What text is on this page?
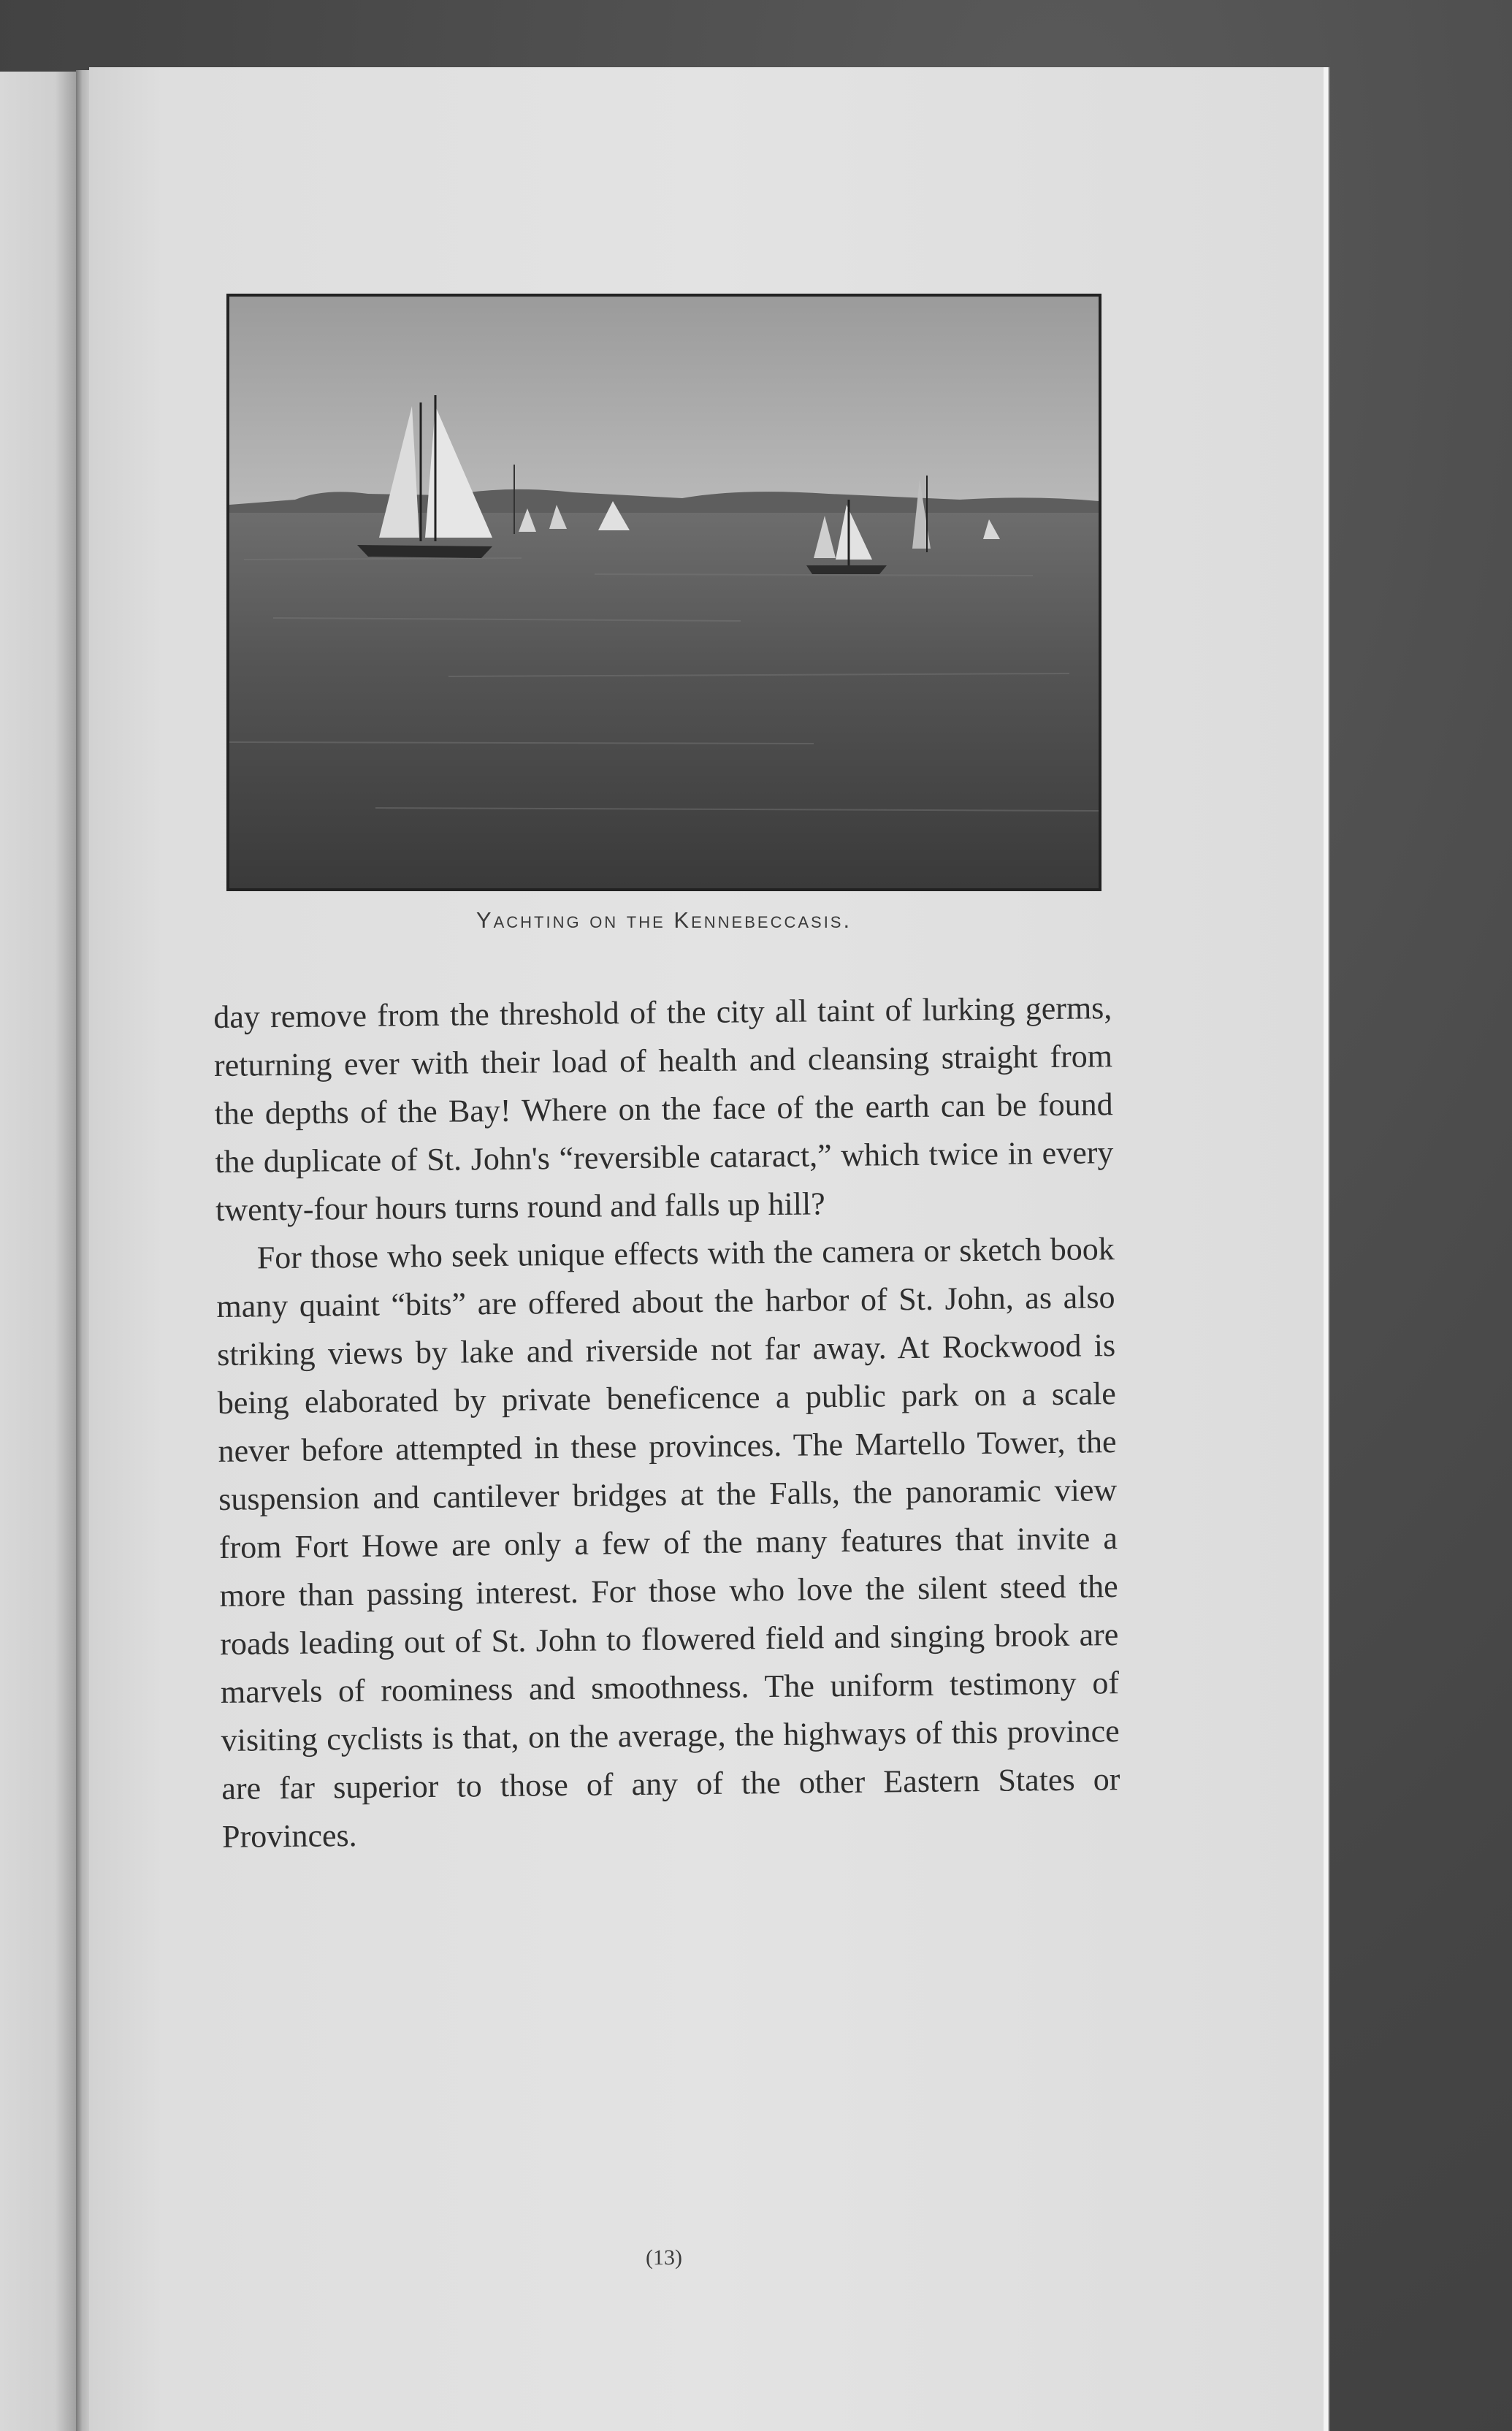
Yachting on the Kennebeccasis.

day remove from the threshold of the city all taint of lurking germs, returning ever with their load of health and cleansing straight from the depths of the Bay! Where on the face of the earth can be found the duplicate of St. John's “reversible cataract,” which twice in every twenty-four hours turns round and falls up hill?

For those who seek unique effects with the camera or sketch book many quaint “bits” are offered about the harbor of St. John, as also striking views by lake and riverside not far away. At Rockwood is being elaborated by private beneficence a public park on a scale never before attempted in these provinces. The Martello Tower, the suspension and cantilever bridges at the Falls, the panoramic view from Fort Howe are only a few of the many features that invite a more than passing interest. For those who love the silent steed the roads leading out of St. John to flowered field and singing brook are marvels of roominess and smoothness. The uniform testimony of visiting cyclists is that, on the average, the highways of this province are far superior to those of any of the other Eastern States or Provinces.

(13)
